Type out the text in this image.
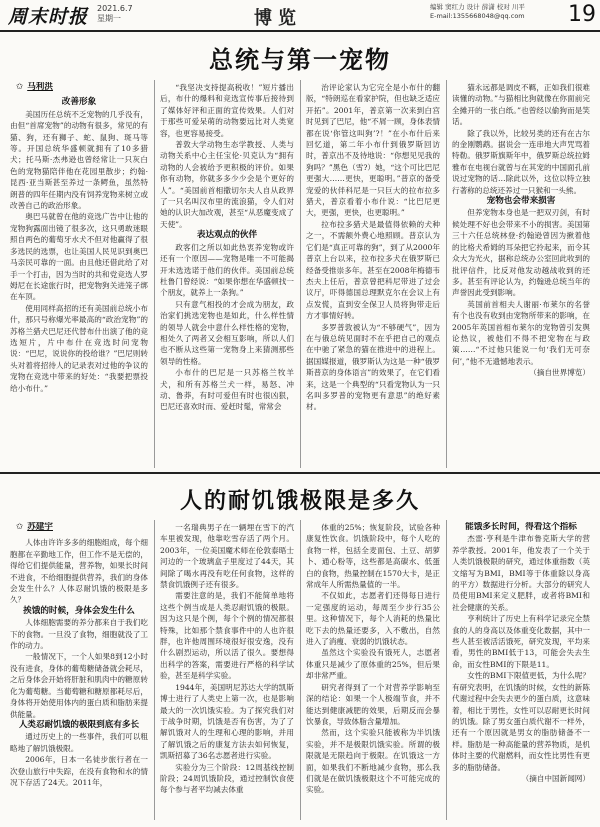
周末时报 2021.6.7
星期一	博览
编辑 窦红力 设计 薛潇 校对 川平
E-mail:1355668048@qq.com 19
总统与第一宠物
✩ 马利洪

改善形象

美国历任总统不乏宠物的几乎没有，由但“首席宠物”的动物有很多，常见的有猫、狗，还有狮子、蛇、鼠狗、斑马等等。开国总统华盛顿就拥有了10多猎犬；托马斯·杰弗逊也曾经常让一只灰白色的宠物猫陪伴他在花园里散步；约翰·昆西·亚当斯甚至养过一条鳄鱼，虽然特朗普的四年任期内没有饲养宠物来树立或改善自己的政治形象。

奥巴马就曾在他的竞选广告中让他的宠物狗露面出镜了很多次，这只勇敢迷眼照自两色的葡萄牙水犬不但对他赢得了很多选民的选票，也让美国人民见识到奥巴马亲民可靠的一面。由且他还借此给了对手一个打击，因为当时的共和党竞选人罗姆尼在长途旅行时，把宠物狗关进笼子绑在车顶。

使用同样高招的还有美国前总统小布什，那只号称爆光率最高的“政治宠物”的苏格兰猎犬巴尼还代替布什出演了他的竞选短片，片中布什在竞选时问宠物说：“巴尼，说说你的投给谁？”巴尼则转头对着将招待人的记录表对过他的争议的宠物在竞选中带来的好处：“我要把票投给小布什。”

“我坚决支持提高税收！”短片播出后，布什的爆料和竞选宣传事后接待到了媒体好评和正面的宣传效果。人们对于那些可爱呆萌的动物要远比对人类宽容，也更容易接受。

普敦大学动物生态学教授、人类与动物关系中心主任宝伦·贝克认为“拥有动物的人会被给予更积极的评价。如果你有动物，你就多多少少会是个更好的人”。“美国前首相撒切尔夫人自从政界了一只名叫汉布里的流浪猫，令人们对她的认识大加改观，甚至“从恶魔变成了天使”。

表达观点的伙伴

政客们之所以如此热衷养宠物或许还有一个原因——宠物是唯一不可能揭开未选选诺于他们的伙伴。美国前总统杜鲁门曾经说：“如果你想在华盛顿找一个朋友，就养上一条狗。”

只有意气相投的才会成为朋友，政治家们挑选宠物也是如此，什么样性情的领导人就会中意什么样性格的宠物，相处久了两者又会相互影响，所以人们也不断从这些第一宠物身上来猜测那些领导的性格。

小布什的巴尼是一只苏格兰牧羊犬，和所有苏格兰犬一样，易怒、冲动、鲁莽，有时可爱但有时也很凶狠，巴尼还喜欢时而、爱赶时髦，常常会

治评论家认为它完全是小布什的翻版，“特朗巡在看家护院，但也缺乏适应开拓”。2001年，普京第一次来到白宫时见到了巴尼，他“不屑一顾，身体表情都在说‘你管这叫狗’?！”在小布什后来回忆道，第二年小布什到俄罗斯回访时，普京出不及待地说：“你想见见我的狗吗？”黑色（雪?）她，“这个可比巴尼更强大……更快，更聪明。”普京的备受宠爱的伙伴科尼是一只巨大的拉布拉多猎犬，普京看着小布什说：“比巴尼更大，更强，更快，也更聪明。”

拉布拉多猎犬是最值得依赖的犬种之一，不需额外费心地照顾。普京认为它们是“真正可靠的狗”，到了从2000年普京上台以来，拉布拉多犬在俄罗斯已经备受推崇多年。甚至在2008年梅德韦杰夫上任后，普京曾把科尼带进了过会议厅，吓得德国总理默克尔在会议上有点发慌，直到安全保卫人员将狗带走后方才事情好转。

多罗普敦被认为“不够硬气”，因为在与俄总统见面时不在乎把自己的观点在中驰了紧急的猫在推进中的进程上。据国媒报道，俄罗斯认为这是一种“俄罗斯普京的身体语言”的效果了，在它们看来，这是一个典型的“只看宠物认为一只名叫多罗普的宠物更有意思”的绝好素材。

猫永远都是调皮不羁，正如我们很难读懂的动物。”与猫相比狗就像在你面前完全摊开的一张白纸。”也曾经以偷狗而是笑话。

除了我以外，比较另类的还有在古尔的金刚鹦鹉。据说会一连串地大声咒骂着特勒。俄罗斯旗斯年中，俄罗斯总统拉姆雅布在电视台就曾与在其宠的中国面孔前说过宠物的话…除此以外，这位以特立独行著称的总统还养过一只猴和一头熊。

宠物也会带来损害

但养宠物本身也是一把双刃剑，有时候处理不好也会带来不小的损害。美国第三十六任总统林登·约翰逊曾因为揪着他的比格犬希姆的耳朵把它拎起来，而令其众大为光火，据称总统办公室回此收到的批评信件，比反对他发动越战收到的还多。甚至有评论认为，约翰逊总统当年的声誉因此受到影响。

英国前首相夫人谢丽·布莱尔的名誉有个也没有收到由宠物所带来的影响，在2005年英国首相布莱尔的宠物曾引发舆论热议，被他们不得不把宠物在与政策……“不过他只能说一句‘我们无可奈何’，”他不无遗憾地表示。

（摘自世界博览）

人的耐饥饿极限是多久
✩ 苏建宇

人体由许许多多的细胞组成，每个细胞都在辛勤地工作，但工作不是无偿的，得给它们提供能量，营养物，如果长时间不进食，不给细胞提供营养，我们的身体会发生什么？人体忍耐饥饿的极限是多久？

挨饿的时候，身体会发生什么

人体细胞需要的养分都来自于我们吃下的食物。一旦没了食物，细胞就没了工作的动力。

一般情况下，一个人如果8到12小时没有进食，身体的葡萄糖储备就会耗尽，之后身体会开始将肝脏和肌肉中的糖原转化为葡萄糖。当葡萄糖和糖原都耗尽后，身体将开始使用体内的蛋白质和脂肪来提供能量。

人类忍耐饥饿的极限到底有多长

通过历史上的一些事件，我们可以粗略地了解饥饿极限。

2006年，日本一名徒步旅行者在一次登山旅行中失踪，在没有食物和水的情况下存活了24天。2011年，

一名瑞典男子在一辆埋在雪下的汽车里被发现，他靠吃雪存活了两个月。2003年，一位美国魔术师在伦敦泰晤士河边的一个玻璃盒子里度过了44天，其间除了喝水再没有吃任何食物，这样的禁食饥饿例子还有很多。

需要注意的是，我们不能简单地将这些个例当成是人类忍耐饥饿的极限。因为这只是个例，每个个例的情况都很特殊，比如那个禁食事件中的人也许很胖，也许他周围环境很好很安逸，没有什么剧烈运动，所以活了很久。要想得出科学的答案，需要进行严格的科学试验，甚至是科学实验。

1944年，美国明尼苏达大学的凯斯博士进行了人类史上第一次，也是影响最大的一次饥饿实验。为了探究我们对于战争时期，饥饿是否有伤害，为了了解饥饿对人的生理和心理的影响，并用了解饥饿之后的康复方法去如何恢复，凯斯招募了36名志愿者进行实验。

实验分为三个阶段：12周基线控制阶段；24周饥饿阶段，通过控制饮食使每个参与者平均减去体重

体重的25%；恢复阶段，试验各种康复性饮食。饥饿阶段中，每个人吃的食物一样，包括全麦面包、土豆、胡萝卜、通心粉等，这些都是高碳水、低蛋白的食物，热量控制在1570大卡，是正常成年人所需热量值的一半。

不仅如此，志愿者们还得每日进行一定强度的运动，每周至少步行35公里。这种情况下，每个人消耗的热量比吃下去的热量还要多，入不敷出，自然进入了消瘦、衰弱的饥饿状态。

虽然这个实验没有饿死人，志愿者体重只是减少了原体重的25%，但后果却非常严重。

研究者得到了一个对营养学影响至深的结论：如果一个人极端节食，并不能达到健康减肥的效果，后期反而会暴饮暴食，导致体脂含量增加。

然而，这个实验只能被称为半饥饿实验，并不是极限饥饿实验。所谓的极限就是无限趋向于极限。在饥饿这一方面，如果我们不断地减少食物，那么我们就是在做饥饿极限这个不可能完成的实验。

能饿多长时间，得看这个指标

杰雷·亨利是牛津布鲁克斯大学的营养学教授。2001年，他发表了一个关于人类饥饿极限的研究，通过体重指数（英文缩写为BMI，BMI等于体重除以身高的平方）数据进行分析。大部分的研究人员使用BMI来定义肥胖，或者将BMI和社会健康的关系。

亨利统计了历史上有科学记录完全禁食的人的身高以及体重变化数据，其中一些人甚至被活活饿死，研究发现，平均来看，男性的BMI低于13，可能会失去生命，而女性BMI的下限是11。

女性的BMI下限值更低，为什么呢？有研究表明，在饥饿的时候，女性的新陈代谢过程中会失去更少的蛋白质，这意味着，相比于男性，女性可以忍耐更长时间的饥饿。除了男女蛋白质代谢不一样外，还有一个原因就是男女的脂肪储备不一样。脂肪是一种高能量的营养物质，是机体时主要的代谢燃料，而女性比男性有更多的脂肪储备。

（摘自中国新闻网）
